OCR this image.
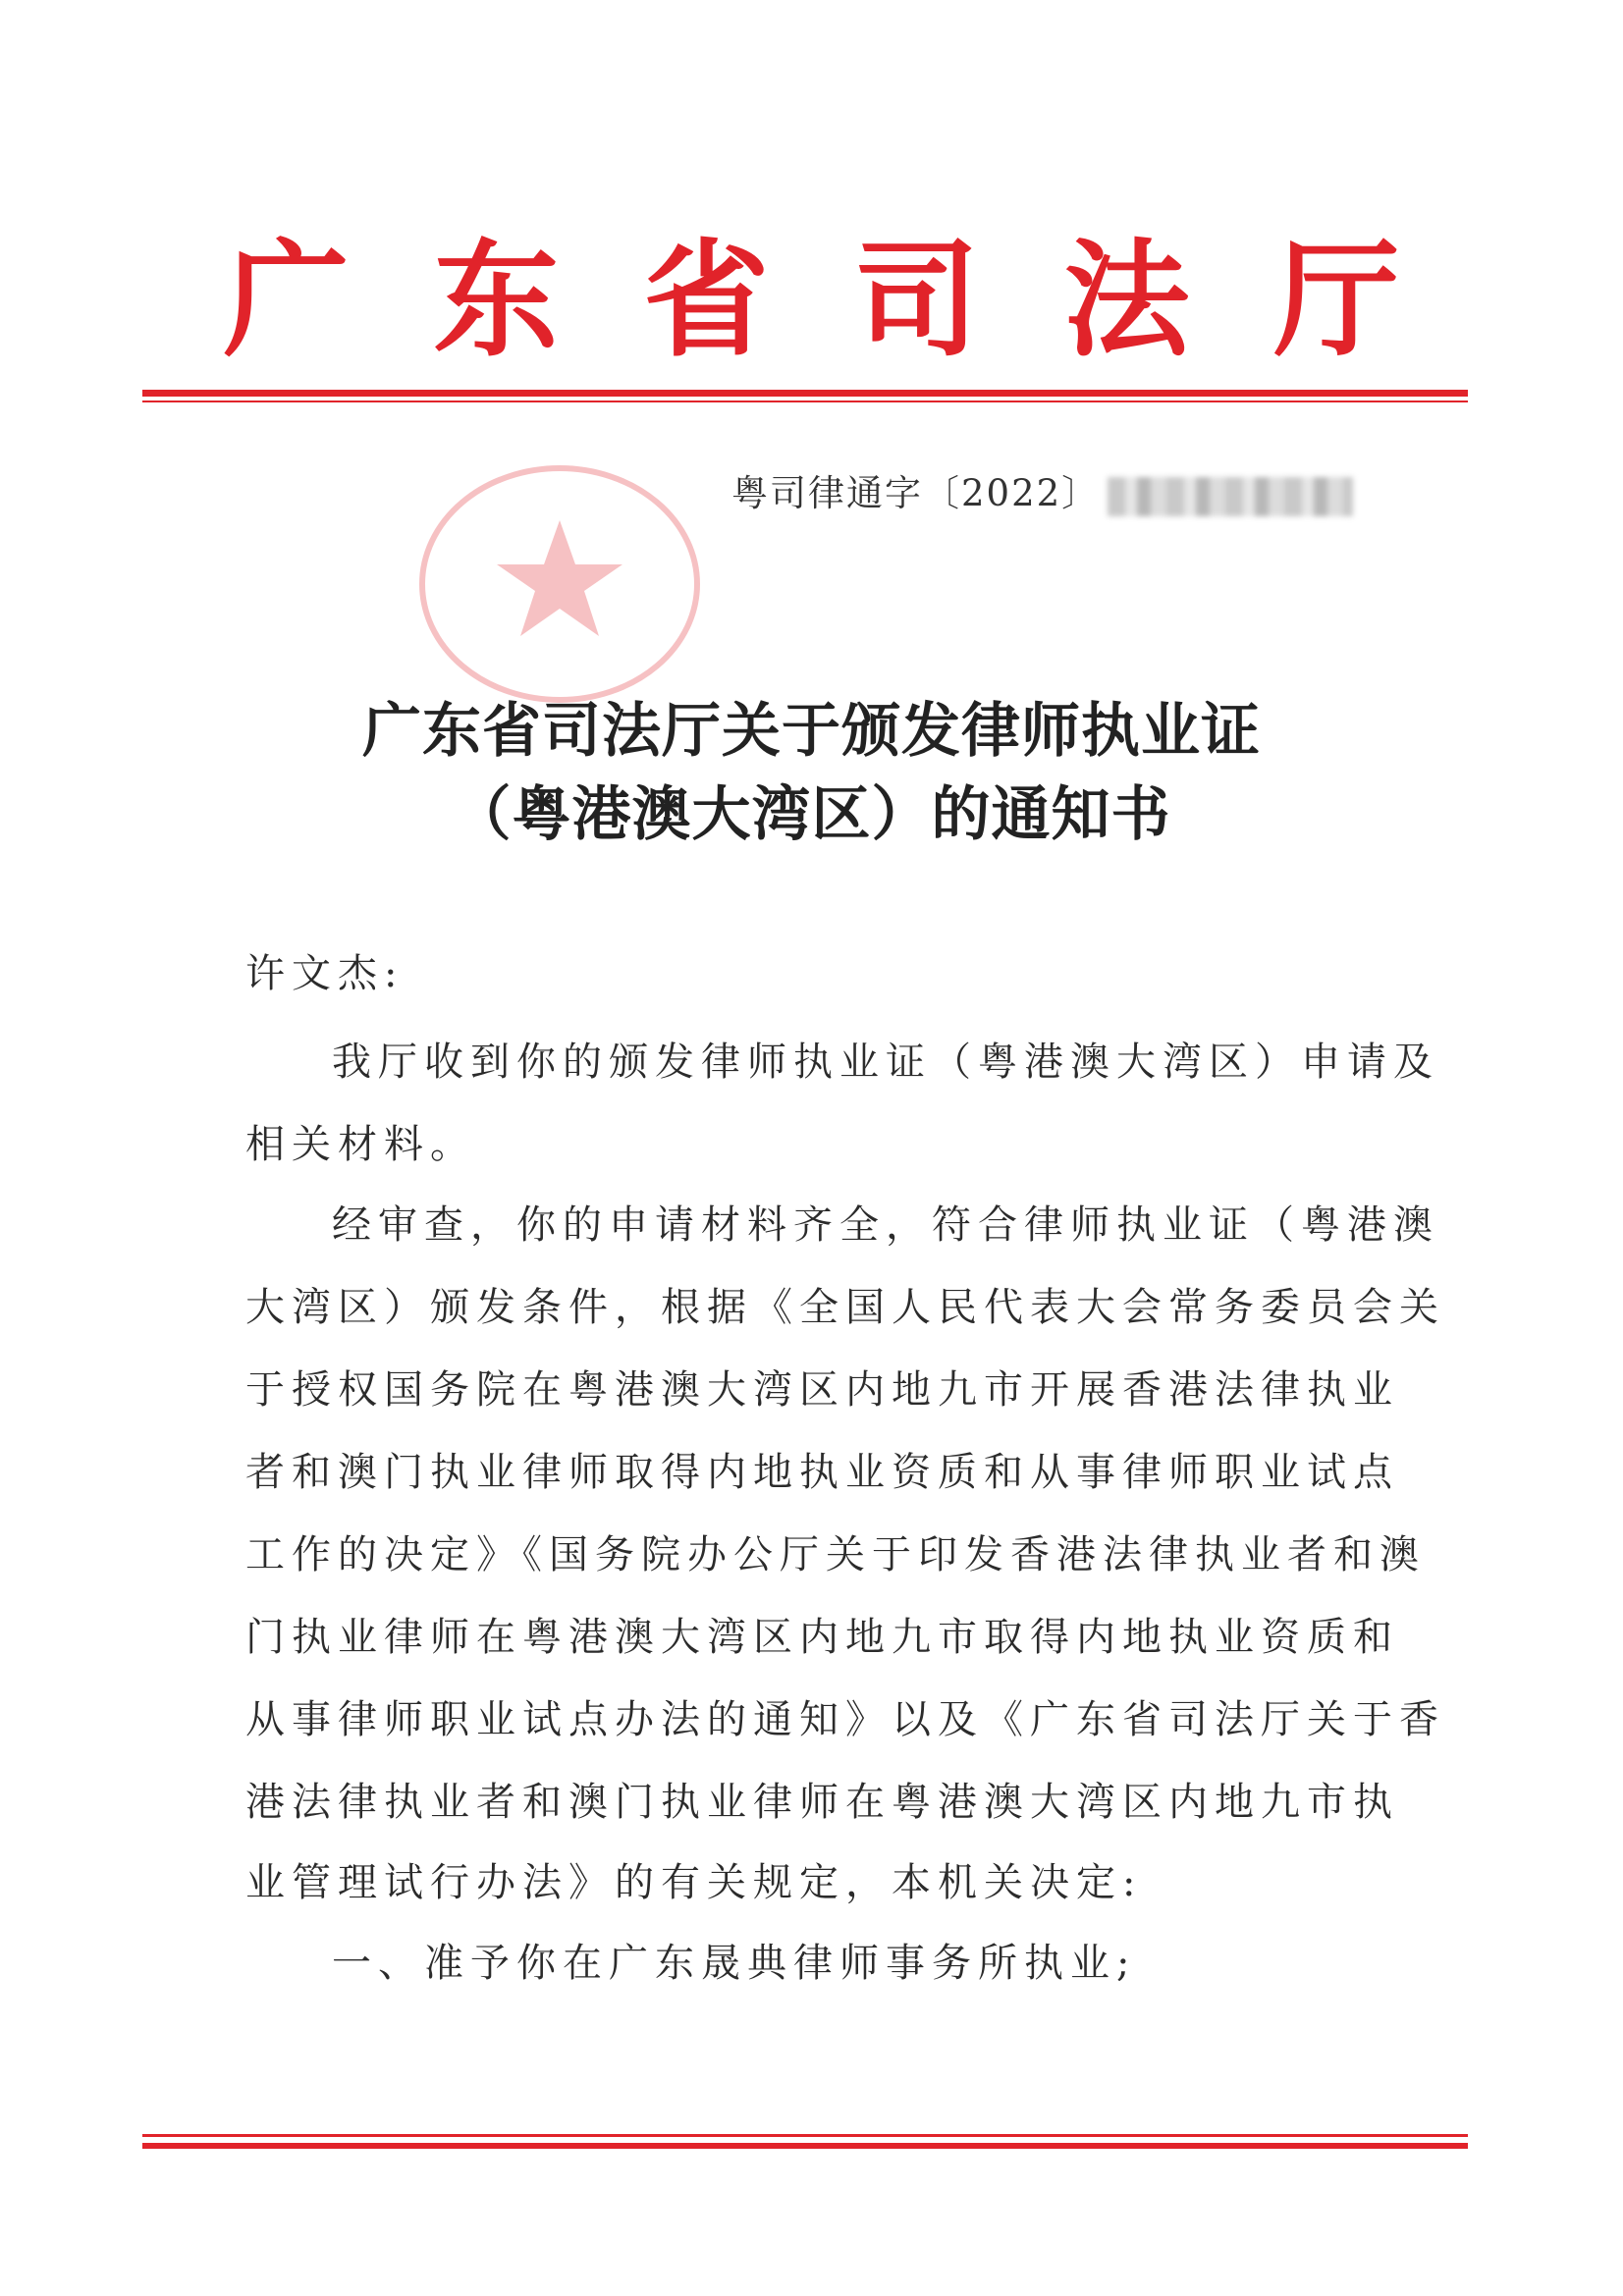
广东省司法厅
粤司律通字〔2022〕
广东省司法厅关于颁发律师执业证
（粤港澳大湾区）的通知书
许文杰:
我厅收到你的颁发律师执业证（粤港澳大湾区）申请及
相关材料。
经审查，你的申请材料齐全，符合律师执业证（粤港澳
大湾区）颁发条件，根据《全国人民代表大会常务委员会关
于授权国务院在粤港澳大湾区内地九市开展香港法律执业
者和澳门执业律师取得内地执业资质和从事律师职业试点
工作的决定》《国务院办公厅关于印发香港法律执业者和澳
门执业律师在粤港澳大湾区内地九市取得内地执业资质和
从事律师职业试点办法的通知》以及《广东省司法厅关于香
港法律执业者和澳门执业律师在粤港澳大湾区内地九市执
业管理试行办法》的有关规定，本机关决定:
一、准予你在广东晟典律师事务所执业;
